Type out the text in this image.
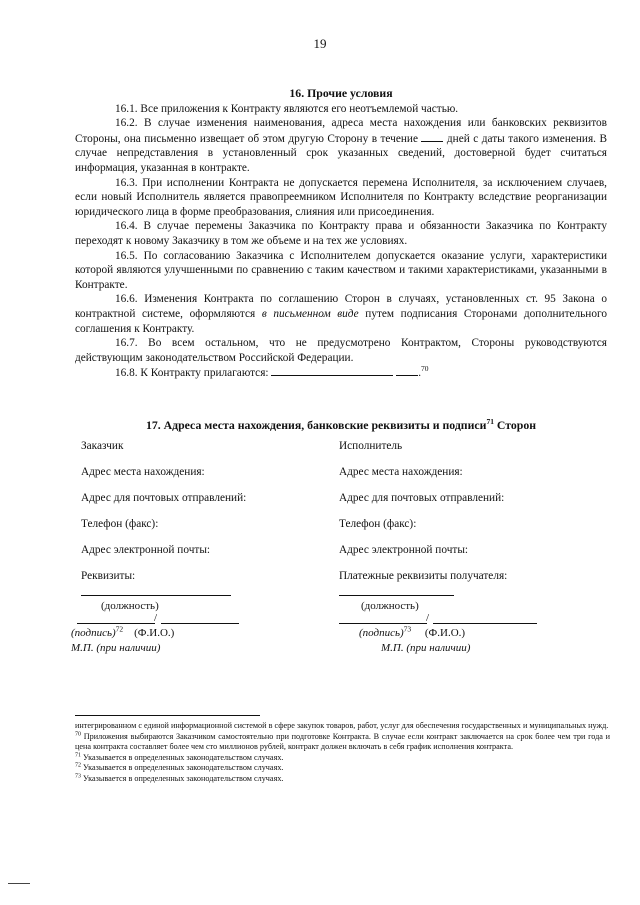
19

16. Прочие условия

16.1. Все приложения к Контракту являются его неотъемлемой частью.

16.2. В случае изменения наименования, адреса места нахождения или банковских реквизитов Стороны, она письменно извещает об этом другую Сторону в течение	дней с даты такого изменения. В случае непредставления в установленный срок указанных сведений, достоверной будет считаться информация, указанная в контракте.

16.3. При исполнении Контракта не допускается перемена Исполнителя, за исключением случаев, если новый Исполнитель является правопреемником Исполнителя по Контракту вследствие реорганизации юридического лица в форме преобразования, слияния или присоединения.

16.4. В случае перемены Заказчика по Контракту права и обязанности Заказчика по Контракту переходят к новому Заказчику в том же объеме и на тех же условиях.

16.5. По согласованию Заказчика с Исполнителем допускается оказание услуги, характеристики которой являются улучшенными по сравнению с таким качеством и такими характеристиками, указанными в Контракте.

16.6. Изменения Контракта по соглашению Сторон в случаях, установленных ст. 95 Закона о контрактной системе, оформляются в письменном виде путем подписания Сторонами дополнительного соглашения к Контракту.

16.7. Во всем остальном, что не предусмотрено Контрактом, Стороны руководствуются действующим законодательством Российской Федерации.

16.8. К Контракту прилагаются:	.$^{70}$

17. Адреса места нахождения, банковские реквизиты и подписи$^{71}$ Сторон

Заказчик
Адрес места нахождения:
Адрес для почтовых отправлений:
Телефон (факс):
Адрес электронной почты:
Реквизиты:
(должность)
/
(подпись)$^{72}$ (Ф.И.О.)
М.П. (при наличии)
Исполнитель
Адрес места нахождения:
Адрес для почтовых отправлений:
Телефон (факс):
Адрес электронной почты:
Платежные реквизиты получателя:
(должность)
/
(подпись)$^{73}$ (Ф.И.О.)
М.П. (при наличии)

интегрированном с единой информационной системой в сфере закупок товаров, работ, услуг для обеспечения государственных и муниципальных нужд.

$^{70}$ Приложения выбираются Заказчиком самостоятельно при подготовке Контракта. В случае если контракт заключается на срок более чем три года и цена контракта составляет более чем сто миллионов рублей, контракт должен включать в себя график исполнения контракта.

$^{71}$ Указывается в определенных законодательством случаях.

$^{72}$ Указывается в определенных законодательством случаях.

$^{73}$ Указывается в определенных законодательством случаях.
